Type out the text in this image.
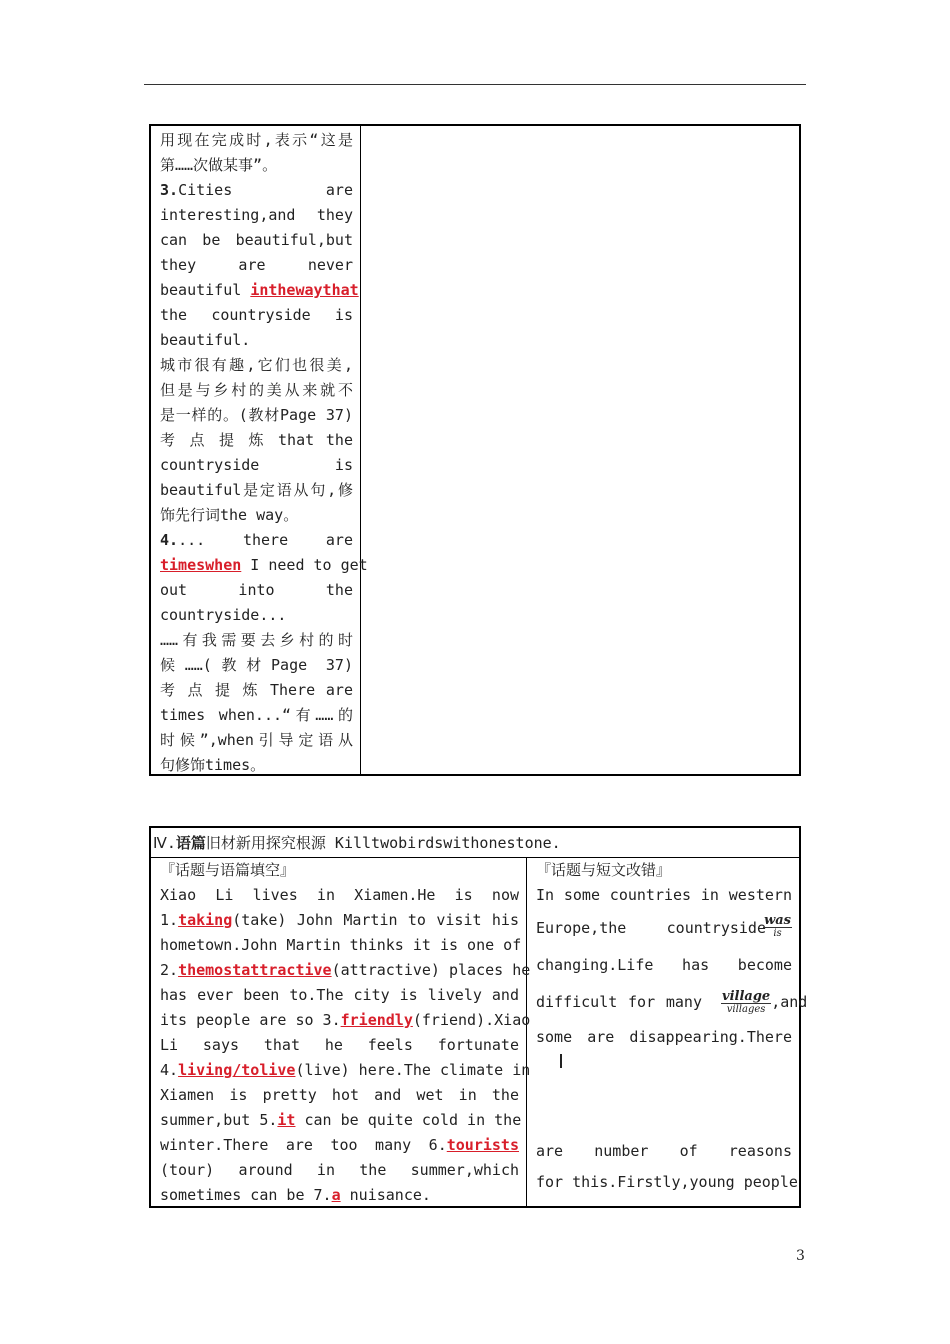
用现在完成时,表示“这是
第……次做某事”。
3.Cities are
interesting,and they
can be beautiful,but
they are never
beautiful inthewaythat
the countryside is
beautiful.
城市很有趣,它们也很美,
但是与乡村的美从来就不
是一样的。(教材Page 37)
考 点 提 炼 that the
countryside is
beautiful是定语从句,修
饰先行词the way。
4.... there are
timeswhen I need to get
out into the
countryside...
……有我需要去乡村的时
候……(教材Page 37)
考 点 提 炼 There are
times when...“有……的
时候”,when引导定语从
句修饰times。
Ⅳ.语篇旧材新用探究根源 Killtwobirdswithonestone.
『话题与语篇填空』
Xiao Li lives in Xiamen.He is now
1.taking(take) John Martin to visit his
hometown.John Martin thinks it is one of
2.themostattractive(attractive) places he
has ever been to.The city is lively and
its people are so 3.friendly(friend).Xiao
Li says that he feels fortunate
4.living/tolive(live) here.The climate in
Xiamen is pretty hot and wet in the
summer,but 5.it can be quite cold in the
winter.There are too many 6.tourists
(tour) around in the summer,which
sometimes can be 7.a nuisance.
『话题与短文改错』
In some countries in western
Europe,the countryside
was
is
changing.Life has become
difficult for many village
villages ,and
some are disappearing.There
are number of reasons
for this.Firstly,young people
3
